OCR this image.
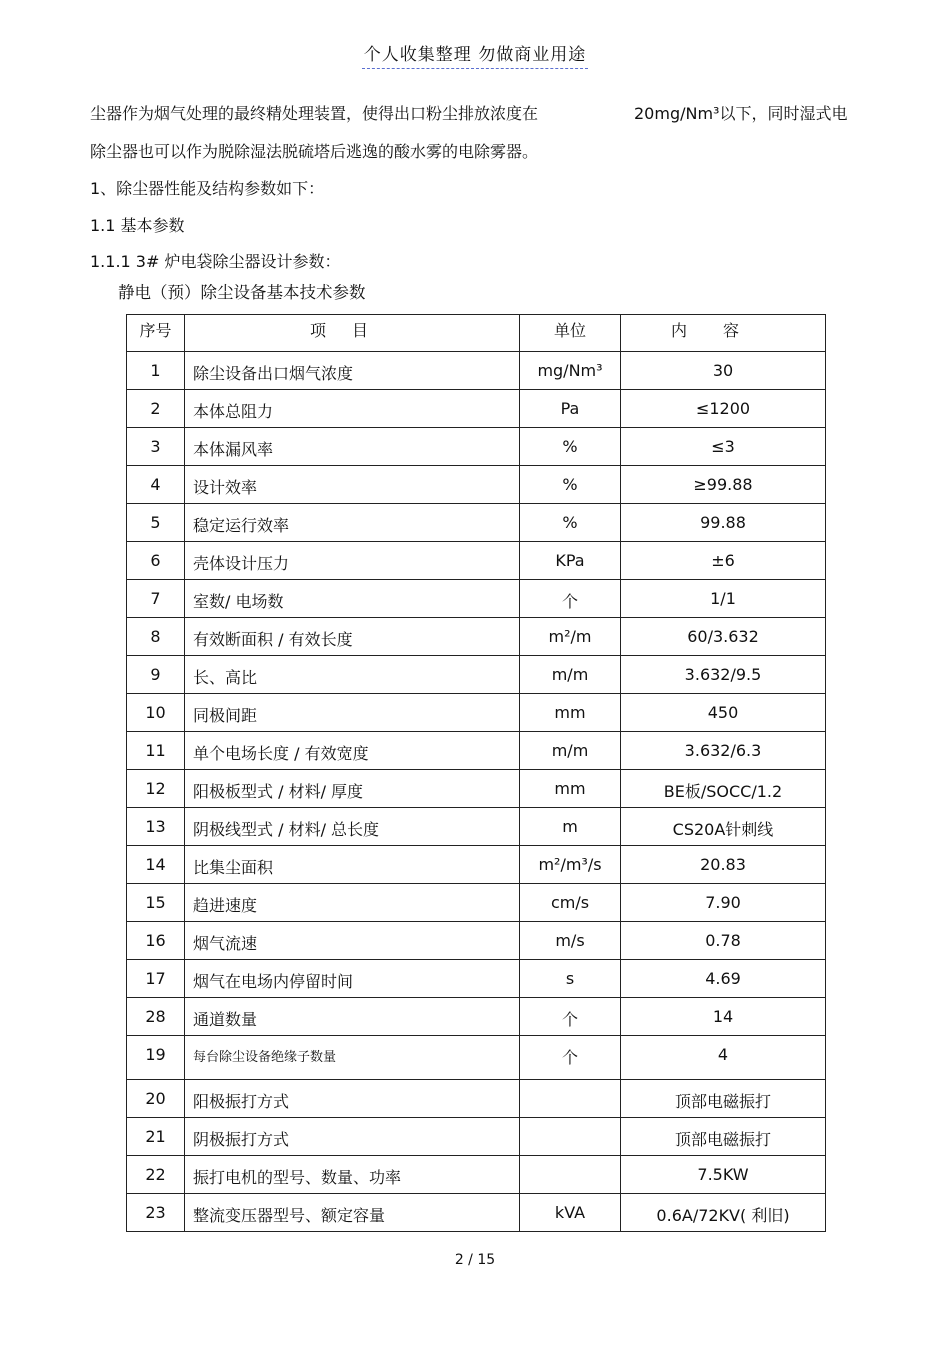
个人收集整理 勿做商业用途
尘器作为烟气处理的最终精处理装置，使得出口粉尘排放浓度在	20mg/Nm³以下，同时湿式电
除尘器也可以作为脱除湿法脱硫塔后逃逸的酸水雾的电除雾器。
1、除尘器性能及结构参数如下：
1.1 基本参数
1.1.1 3# 炉电袋除尘器设计参数：
静电（预）除尘设备基本技术参数
序号	项目	单位	内容
1	除尘设备出口烟气浓度	mg/Nm³	30
2	本体总阻力	Pa	≤1200
3	本体漏风率	%	≤3
4	设计效率	%	≥99.88
5	稳定运行效率	%	99.88
6	壳体设计压力	KPa	±6
7	室数/ 电场数	个	1/1
8	有效断面积 / 有效长度	m²/m	60/3.632
9	长、高比	m/m	3.632/9.5
10	同极间距	mm	450
11	单个电场长度 / 有效宽度	m/m	3.632/6.3
12	阳极板型式 / 材料/ 厚度	mm	BE板/SOCC/1.2
13	阴极线型式 / 材料/ 总长度	m	CS20A针刺线
14	比集尘面积	m²/m³/s	20.83
15	趋进速度	cm/s	7.90
16	烟气流速	m/s	0.78
17	烟气在电场内停留时间	s	4.69
28	通道数量	个	14
19	每台除尘设备绝缘子数量	个	4
20	阳极振打方式		顶部电磁振打
21	阴极振打方式		顶部电磁振打
22	振打电机的型号、数量、功率		7.5KW
23	整流变压器型号、额定容量	kVA	0.6A/72KV( 利旧)
2 / 15
